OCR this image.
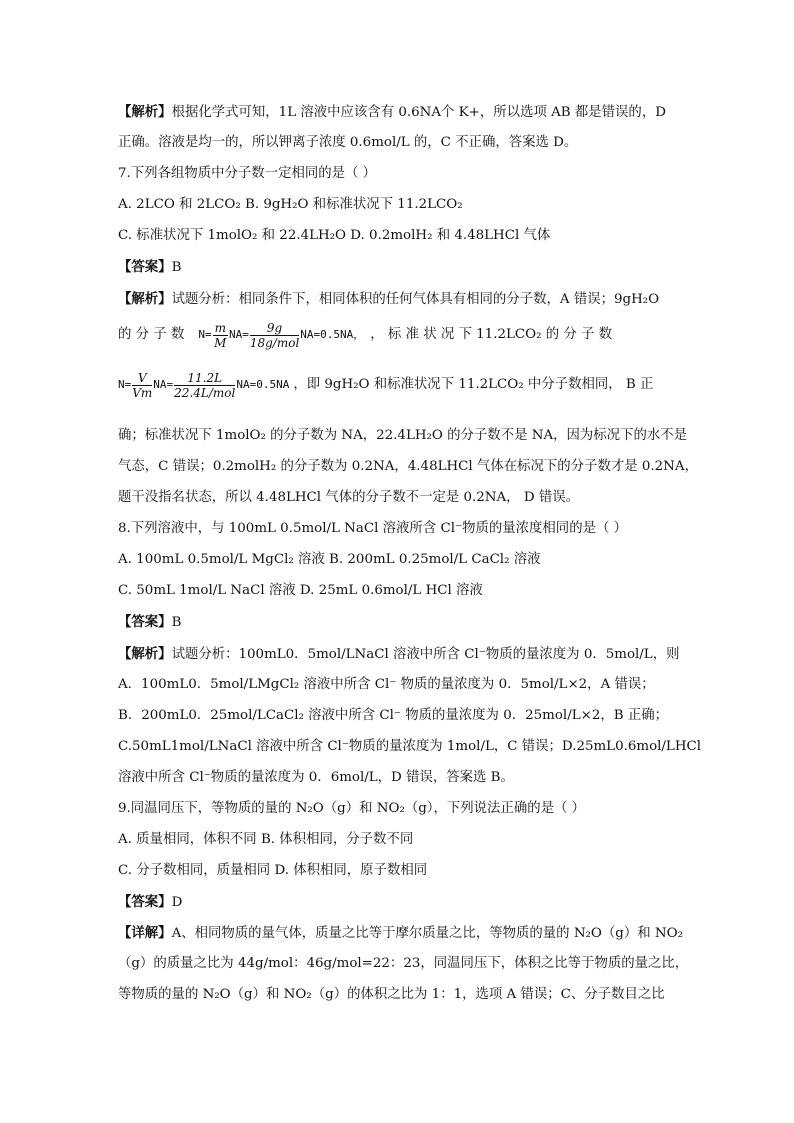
【解析】根据化学式可知，1L 溶液中应该含有 0.6NA个 K+，所以选项 AB 都是错误的，D
正确。溶液是均一的，所以钾离子浓度 0.6mol/L 的，C 不正确，答案选 D。
7.下列各组物质中分子数一定相同的是（ ）
A. 2LCO 和 2LCO₂ B. 9gH₂O 和标准状况下 11.2LCO₂
C. 标准状况下 1molO₂ 和 22.4LH₂O D. 0.2molH₂ 和 4.48LHCl 气体
【答案】B
【解析】试题分析：相同条件下，相同体积的任何气体具有相同的分子数，A 错误；9gH₂O
的 分 子 数 $N= \frac{m}{M} NA= \frac{9g}{\text{18g/mol}} NA=0.5NA$， ， 标 准 状 况 下 11.2LCO₂ 的 分 子 数
$N= \frac{V}{Vm} NA= \frac{11.2L}{\text{22.4L/mol}} NA=0.5NA$ ，即 9gH₂O 和标准状况下 11.2LCO₂ 中分子数相同， B 正
确；标准状况下 1molO₂ 的分子数为 NA，22.4LH₂O 的分子数不是 NA，因为标况下的水不是
气态，C 错误；0.2molH₂ 的分子数为 0.2NA，4.48LHCl 气体在标况下的分子数才是 0.2NA，
题干没指名状态，所以 4.48LHCl 气体的分子数不一定是 0.2NA， D 错误。
8.下列溶液中，与 100mL 0.5mol/L NaCl 溶液所含 Cl⁻物质的量浓度相同的是（ ）
A. 100mL 0.5mol/L MgCl₂ 溶液 B. 200mL 0.25mol/L CaCl₂ 溶液
C. 50mL 1mol/L NaCl 溶液 D. 25mL 0.6mol/L HCl 溶液
【答案】B
【解析】试题分析：100mL0．5mol/LNaCl 溶液中所含 Cl⁻物质的量浓度为 0．5mol/L，则
A．100mL0．5mol/LMgCl₂ 溶液中所含 Cl⁻ 物质的量浓度为 0．5mol/L×2，A 错误；
B．200mL0．25mol/LCaCl₂ 溶液中所含 Cl⁻ 物质的量浓度为 0．25mol/L×2，B 正确；
C.50mL1mol/LNaCl 溶液中所含 Cl⁻物质的量浓度为 1mol/L，C 错误；D.25mL0.6mol/LHCl
溶液中所含 Cl⁻物质的量浓度为 0．6mol/L，D 错误，答案选 B。
9.同温同压下，等物质的量的 N₂O（g）和 NO₂（g），下列说法正确的是（ ）
A. 质量相同，体积不同 B. 体积相同，分子数不同
C. 分子数相同，质量相同 D. 体积相同，原子数相同
【答案】D
【详解】A、相同物质的量气体，质量之比等于摩尔质量之比，等物质的量的 N₂O（g）和 NO₂
（g）的质量之比为 44g/mol：46g/mol=22：23，同温同压下，体积之比等于物质的量之比，
等物质的量的 N₂O（g）和 NO₂（g）的体积之比为 1：1，选项 A 错误；C、分子数目之比
